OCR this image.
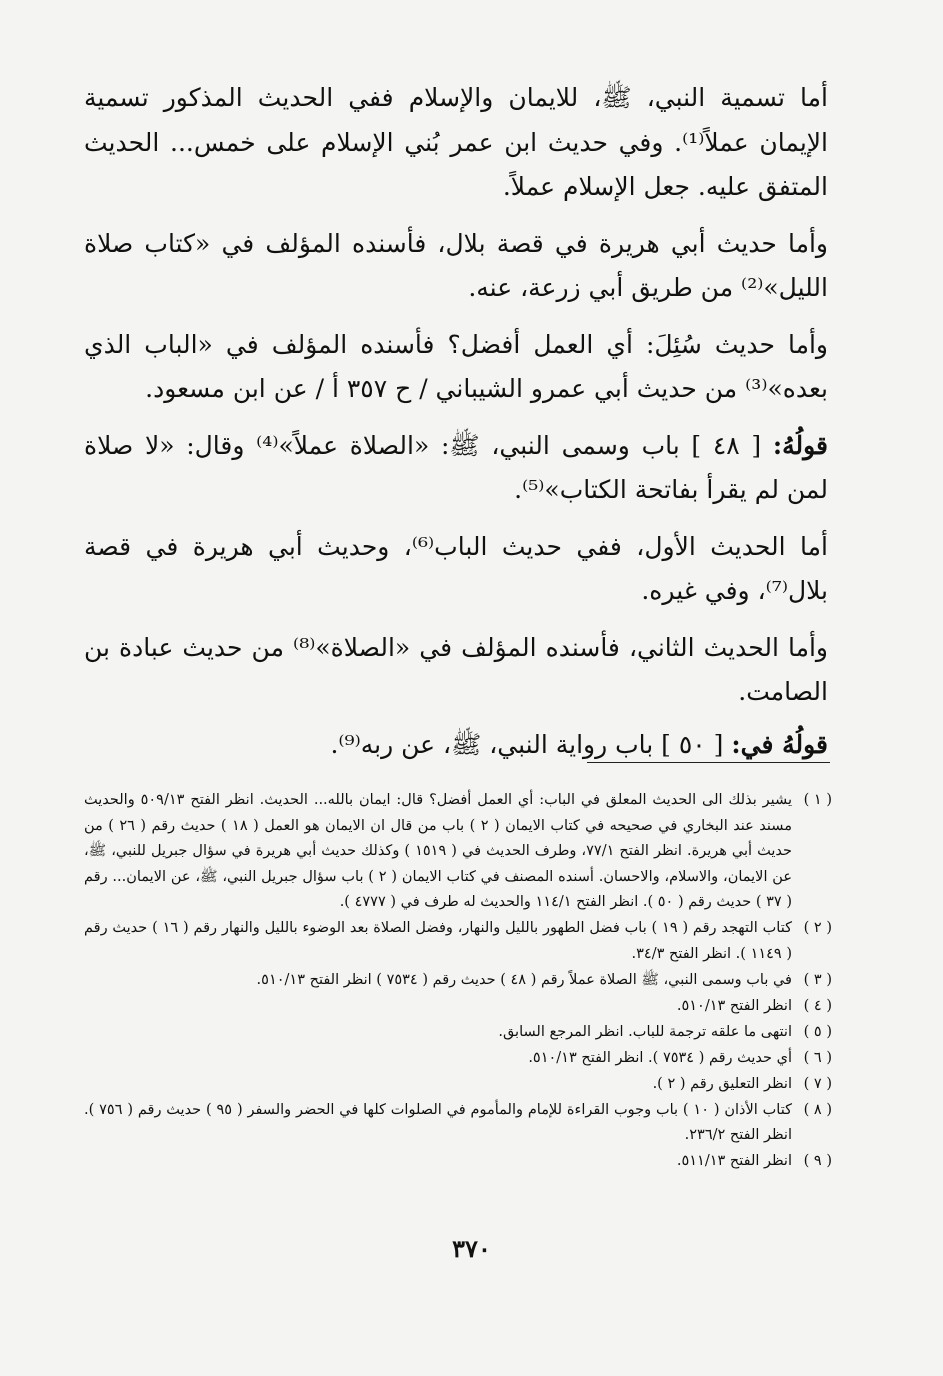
أما تسمية النبي، ﷺ، للايمان والإسلام ففي الحديث المذكور تسمية الإيمان عملاً⁽¹⁾. وفي حديث ابن عمر بُني الإسلام على خمس... الحديث المتفق عليه. جعل الإسلام عملاً.

وأما حديث أبي هريرة في قصة بلال، فأسنده المؤلف في «كتاب صلاة الليل»⁽²⁾ من طريق أبي زرعة، عنه.

وأما حديث سُئِلَ: أي العمل أفضل؟ فأسنده المؤلف في «الباب الذي بعده»⁽³⁾ من حديث أبي عمرو الشيباني / ح ٣٥٧ أ / عن ابن مسعود.

قولُهُ: [ ٤٨ ] باب وسمى النبي، ﷺ: «الصلاة عملاً»⁽⁴⁾ وقال: «لا صلاة لمن لم يقرأ بفاتحة الكتاب»⁽⁵⁾.

أما الحديث الأول، ففي حديث الباب⁽⁶⁾، وحديث أبي هريرة في قصة بلال⁽⁷⁾، وفي غيره.

وأما الحديث الثاني، فأسنده المؤلف في «الصلاة»⁽⁸⁾ من حديث عبادة بن الصامت.

قولُهُ في: [ ٥٠ ] باب رواية النبي، ﷺ، عن ربه⁽⁹⁾.

( ١ )
يشير بذلك الى الحديث المعلق في الباب: أي العمل أفضل؟ قال: ايمان بالله... الحديث. انظر الفتح ٥٠٩/١٣ والحديث مسند عند البخاري في صحيحه في كتاب الايمان ( ٢ ) باب من قال ان الايمان هو العمل ( ١٨ ) حديث رقم ( ٢٦ ) من حديث أبي هريرة. انظر الفتح ٧٧/١، وطرف الحديث في ( ١٥١٩ ) وكذلك حديث أبي هريرة في سؤال جبريل للنبي، ﷺ، عن الايمان، والاسلام، والاحسان. أسنده المصنف في كتاب الايمان ( ٢ ) باب سؤال جبريل النبي، ﷺ، عن الايمان... رقم ( ٣٧ ) حديث رقم ( ٥٠ ). انظر الفتح ١١٤/١ والحديث له طرف في ( ٤٧٧٧ ).
( ٢ )
كتاب التهجد رقم ( ١٩ ) باب فضل الطهور بالليل والنهار، وفضل الصلاة بعد الوضوء بالليل والنهار رقم ( ١٦ ) حديث رقم ( ١١٤٩ ). انظر الفتح ٣٤/٣.
( ٣ )
في باب وسمى النبي، ﷺ الصلاة عملاً رقم ( ٤٨ ) حديث رقم ( ٧٥٣٤ ) انظر الفتح ٥١٠/١٣.
( ٤ )
انظر الفتح ٥١٠/١٣.
( ٥ )
انتهى ما علقه ترجمة للباب. انظر المرجع السابق.
( ٦ )
أي حديث رقم ( ٧٥٣٤ ). انظر الفتح ٥١٠/١٣.
( ٧ )
انظر التعليق رقم ( ٢ ).
( ٨ )
كتاب الأذان ( ١٠ ) باب وجوب القراءة للإمام والمأموم في الصلوات كلها في الحضر والسفر ( ٩٥ ) حديث رقم ( ٧٥٦ ). انظر الفتح ٢٣٦/٢.
( ٩ )
انظر الفتح ٥١١/١٣.
٣٧٠
